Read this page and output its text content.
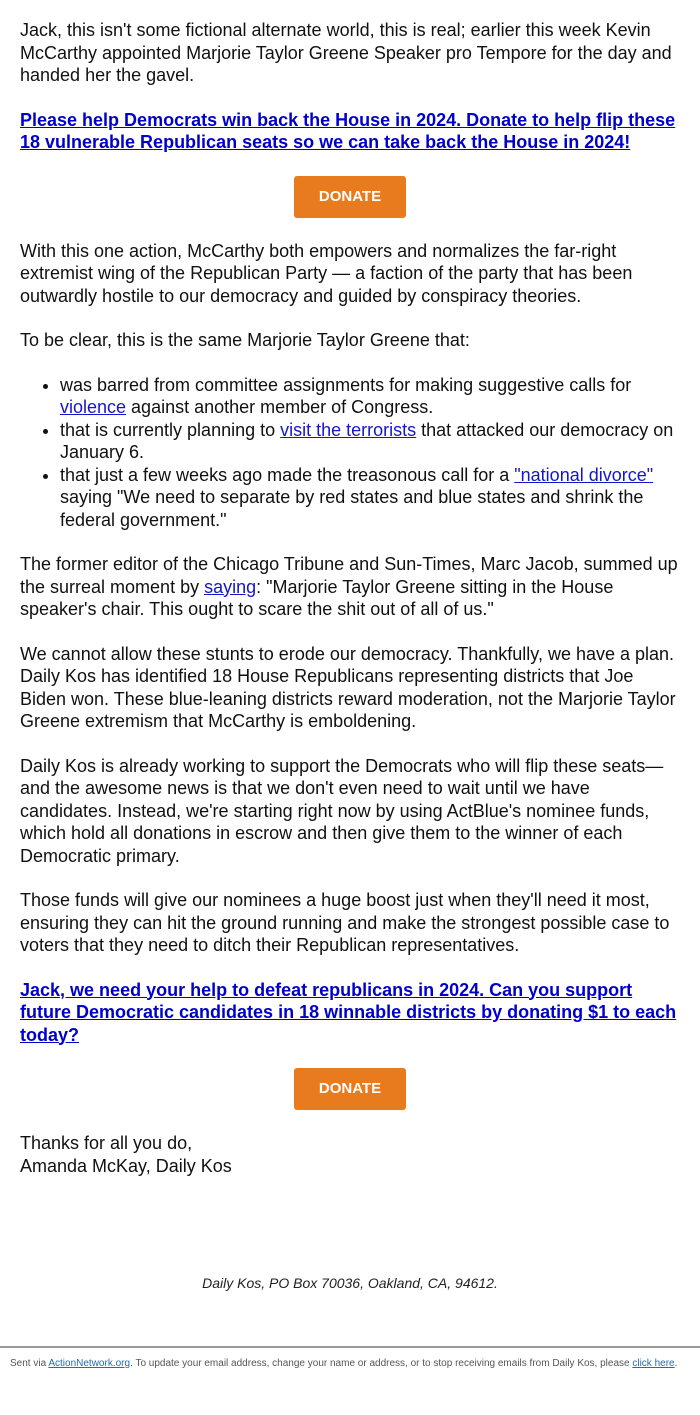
Jack, this isn't some fictional alternate world, this is real; earlier this week Kevin McCarthy appointed Marjorie Taylor Greene Speaker pro Tempore for the day and handed her the gavel.

Please help Democrats win back the House in 2024. Donate to help flip these 18 vulnerable Republican seats so we can take back the House in 2024!

DONATE

With this one action, McCarthy both empowers and normalizes the far-right extremist wing of the Republican Party — a faction of the party that has been outwardly hostile to our democracy and guided by conspiracy theories.

To be clear, this is the same Marjorie Taylor Greene that:

• was barred from committee assignments for making suggestive calls for violence against another member of Congress.
• that is currently planning to visit the terrorists that attacked our democracy on January 6.
• that just a few weeks ago made the treasonous call for a "national divorce" saying "We need to separate by red states and blue states and shrink the federal government."

The former editor of the Chicago Tribune and Sun-Times, Marc Jacob, summed up the surreal moment by saying: "Marjorie Taylor Greene sitting in the House speaker's chair. This ought to scare the shit out of all of us."

We cannot allow these stunts to erode our democracy. Thankfully, we have a plan. Daily Kos has identified 18 House Republicans representing districts that Joe Biden won. These blue-leaning districts reward moderation, not the Marjorie Taylor Greene extremism that McCarthy is emboldening.

Daily Kos is already working to support the Democrats who will flip these seats—and the awesome news is that we don't even need to wait until we have candidates. Instead, we're starting right now by using ActBlue's nominee funds, which hold all donations in escrow and then give them to the winner of each Democratic primary.

Those funds will give our nominees a huge boost just when they'll need it most, ensuring they can hit the ground running and make the strongest possible case to voters that they need to ditch their Republican representatives.

Jack, we need your help to defeat republicans in 2024. Can you support future Democratic candidates in 18 winnable districts by donating $1 to each today?

DONATE

Thanks for all you do,

Amanda McKay, Daily Kos

Daily Kos, PO Box 70036, Oakland, CA, 94612.
Sent via ActionNetwork.org. To update your email address, change your name or address, or to stop receiving emails from Daily Kos, please click here.
